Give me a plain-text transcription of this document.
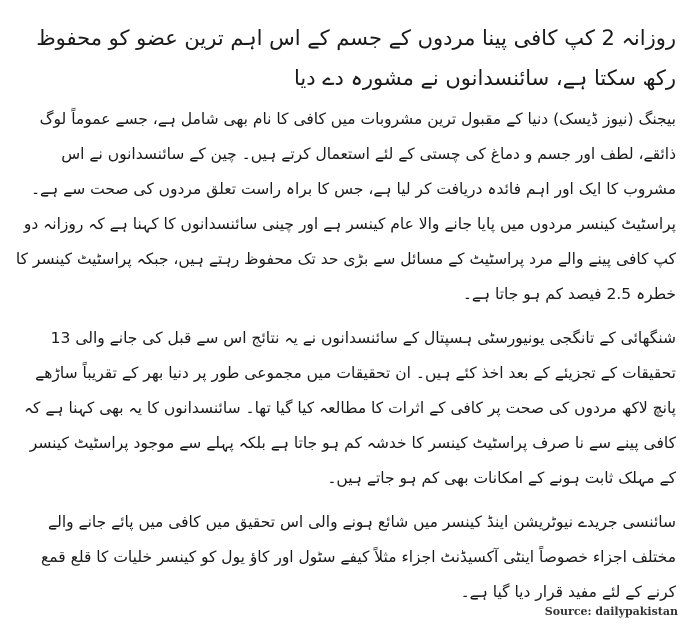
روزانہ 2 کپ کافی پینا مردوں کے جسم کے اس اہم ترین عضو کو محفوظ رکھ سکتا ہے، سائنسدانوں نے مشورہ دے دیا

بیجنگ (نیوز ڈیسک) دنیا کے مقبول ترین مشروبات میں کافی کا نام بھی شامل ہے، جسے عموماً لوگ ذائقے، لطف اور جسم و دماغ کی چستی کے لئے استعمال کرتے ہیں۔ چین کے سائنسدانوں نے اس مشروب کا ایک اور اہم فائدہ دریافت کر لیا ہے، جس کا براہ راست تعلق مردوں کی صحت سے ہے۔ پراسٹیٹ کینسر مردوں میں پایا جانے والا عام کینسر ہے اور چینی سائنسدانوں کا کہنا ہے کہ روزانہ دو کپ کافی پینے والے مرد پراسٹیٹ کے مسائل سے بڑی حد تک محفوظ رہتے ہیں، جبکہ پراسٹیٹ کینسر کا خطرہ 2.5 فیصد کم ہو جاتا ہے۔

شنگھائی کے تانگجی یونیورسٹی ہسپتال کے سائنسدانوں نے یہ نتائج اس سے قبل کی جانے والی 13 تحقیقات کے تجزیئے کے بعد اخذ کئے ہیں۔ ان تحقیقات میں مجموعی طور پر دنیا بھر کے تقریباً ساڑھے پانچ لاکھ مردوں کی صحت پر کافی کے اثرات کا مطالعہ کیا گیا تھا۔ سائنسدانوں کا یہ بھی کہنا ہے کہ کافی پینے سے نا صرف پراسٹیٹ کینسر کا خدشہ کم ہو جاتا ہے بلکہ پہلے سے موجود پراسٹیٹ کینسر کے مہلک ثابت ہونے کے امکانات بھی کم ہو جاتے ہیں۔

سائنسی جریدے نیوٹریشن اینڈ کینسر میں شائع ہونے والی اس تحقیق میں کافی میں پائے جانے والے مختلف اجزاء خصوصاً اینٹی آکسیڈنٹ اجزاء مثلاً کیفے سٹول اور کاؤ یول کو کینسر خلیات کا قلع قمع کرنے کے لئے مفید قرار دیا گیا ہے۔

Source: dailypakistan
